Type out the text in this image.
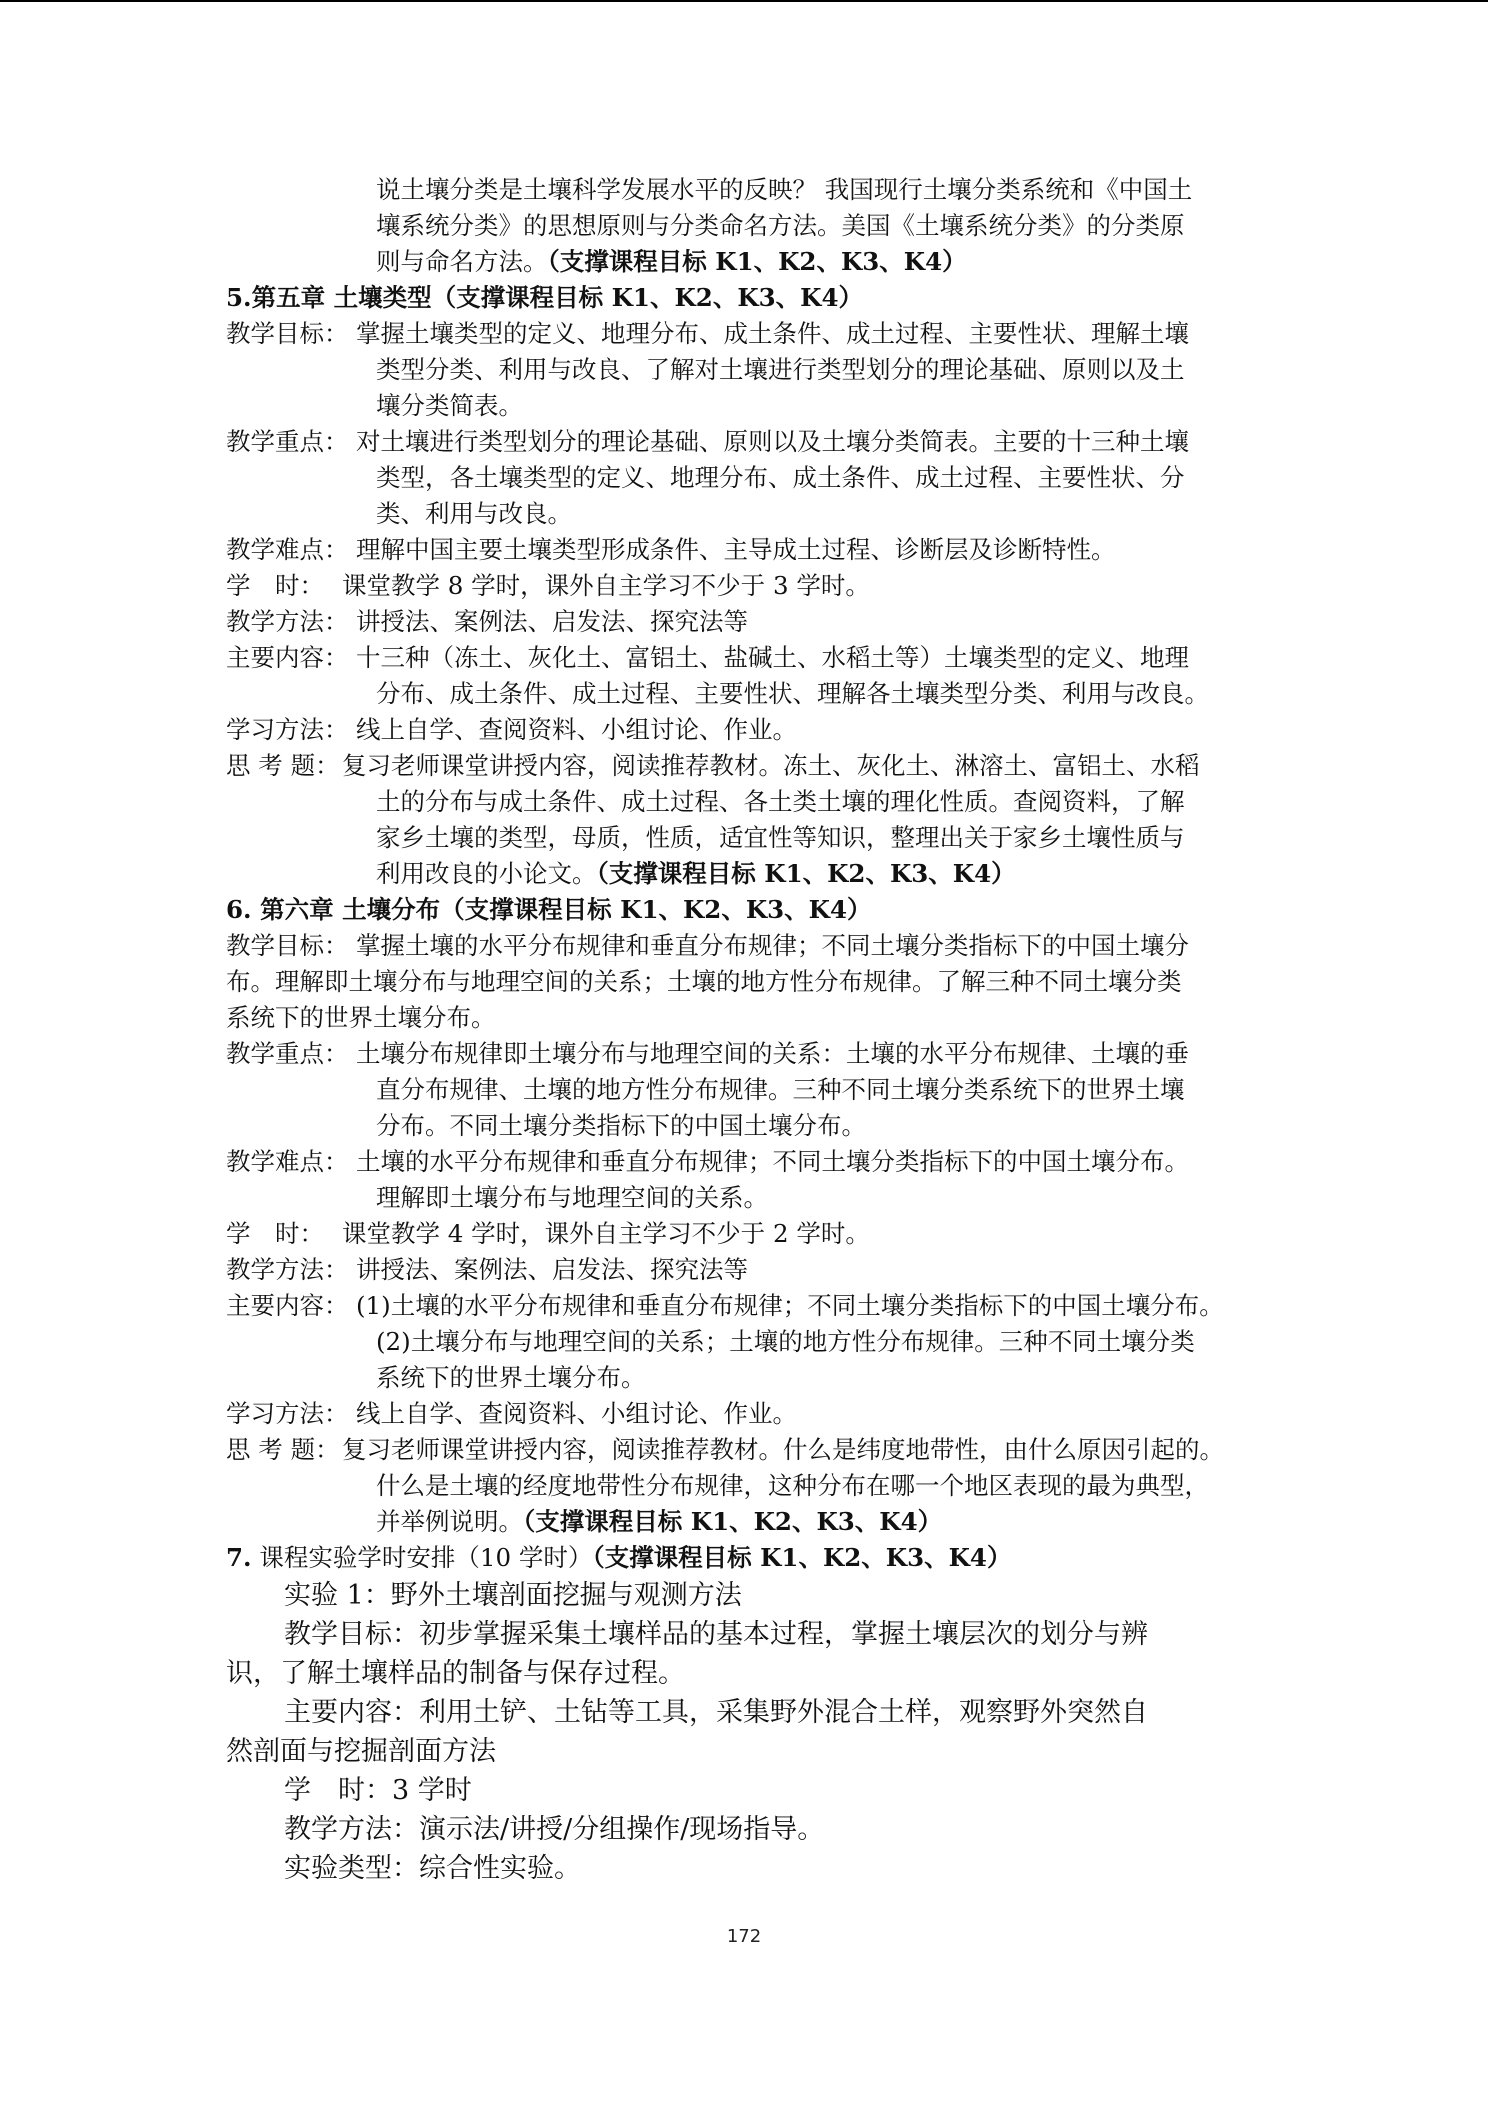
说土壤分类是土壤科学发展水平的反映？ 我国现行土壤分类系统和《中国土
壤系统分类》的思想原则与分类命名方法。美国《土壤系统分类》的分类原
则与命名方法。（支撑课程目标 K1、K2、K3、K4）
5.第五章 土壤类型（支撑课程目标 K1、K2、K3、K4）
教学目标： 掌握土壤类型的定义、地理分布、成土条件、成土过程、主要性状、理解土壤
类型分类、利用与改良、了解对土壤进行类型划分的理论基础、原则以及土
壤分类简表。
教学重点： 对土壤进行类型划分的理论基础、原则以及土壤分类简表。主要的十三种土壤
类型，各土壤类型的定义、地理分布、成土条件、成土过程、主要性状、分
类、利用与改良。
教学难点： 理解中国主要土壤类型形成条件、主导成土过程、诊断层及诊断特性。
学　时： 课堂教学 8 学时，课外自主学习不少于 3 学时。
教学方法： 讲授法、案例法、启发法、探究法等
主要内容： 十三种（冻土、灰化土、富铝土、盐碱土、水稻土等）土壤类型的定义、地理
分布、成土条件、成土过程、主要性状、理解各土壤类型分类、利用与改良。
学习方法： 线上自学、查阅资料、小组讨论、作业。
思 考 题：复习老师课堂讲授内容，阅读推荐教材。冻土、灰化土、淋溶土、富铝土、水稻
土的分布与成土条件、成土过程、各土类土壤的理化性质。查阅资料，了解
家乡土壤的类型，母质，性质，适宜性等知识，整理出关于家乡土壤性质与
利用改良的小论文。（支撑课程目标 K1、K2、K3、K4）
6. 第六章 土壤分布（支撑课程目标 K1、K2、K3、K4）
教学目标： 掌握土壤的水平分布规律和垂直分布规律；不同土壤分类指标下的中国土壤分
布。理解即土壤分布与地理空间的关系；土壤的地方性分布规律。了解三种不同土壤分类
系统下的世界土壤分布。
教学重点： 土壤分布规律即土壤分布与地理空间的关系：土壤的水平分布规律、土壤的垂
直分布规律、土壤的地方性分布规律。三种不同土壤分类系统下的世界土壤
分布。不同土壤分类指标下的中国土壤分布。
教学难点： 土壤的水平分布规律和垂直分布规律；不同土壤分类指标下的中国土壤分布。
理解即土壤分布与地理空间的关系。
学　时： 课堂教学 4 学时，课外自主学习不少于 2 学时。
教学方法： 讲授法、案例法、启发法、探究法等
主要内容： (1)土壤的水平分布规律和垂直分布规律；不同土壤分类指标下的中国土壤分布。
(2)土壤分布与地理空间的关系；土壤的地方性分布规律。三种不同土壤分类
系统下的世界土壤分布。
学习方法： 线上自学、查阅资料、小组讨论、作业。
思 考 题：复习老师课堂讲授内容，阅读推荐教材。什么是纬度地带性，由什么原因引起的。
什么是土壤的经度地带性分布规律，这种分布在哪一个地区表现的最为典型，
并举例说明。（支撑课程目标 K1、K2、K3、K4）
7. 课程实验学时安排（10 学时）（支撑课程目标 K1、K2、K3、K4）
实验 1：野外土壤剖面挖掘与观测方法
教学目标：初步掌握采集土壤样品的基本过程，掌握土壤层次的划分与辨
识，了解土壤样品的制备与保存过程。
主要内容：利用土铲、土钻等工具，采集野外混合土样，观察野外突然自
然剖面与挖掘剖面方法
学　时：3 学时
教学方法：演示法/讲授/分组操作/现场指导。
实验类型：综合性实验。
172
